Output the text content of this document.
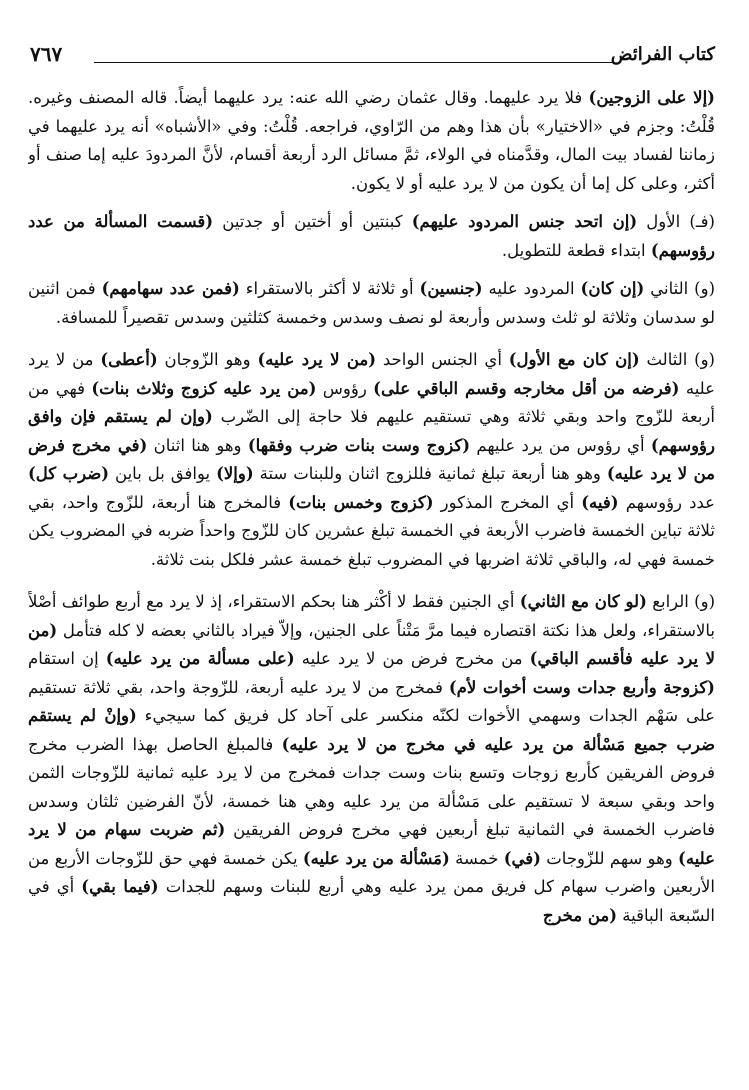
كتاب الفرائض
٧٦٧

(إلا على الزوجين) فلا يرد عليهما. وقال عثمان رضي الله عنه: يرد عليهما أيضاً. قاله المصنف وغيره. قُلْتُ: وجزم في «الاختيار» بأن هذا وهم من الرّاوي، فراجعه. قُلْتُ: وفي «الأشباه» أنه يرد عليهما في زماننا لفساد بيت المال، وقدَّمناه في الولاء، ثمَّ مسائل الرد أربعة أقسام، لأنَّ المردودَ عليه إما صنف أو أكثر، وعلى كل إما أن يكون من لا يرد عليه أو لا يكون.

(فـ) الأول (إن اتحد جنس المردود عليهم) كبنتين أو أختين أو جدتين (قسمت المسألة من عدد رؤوسهم) ابتداء قطعة للتطويل.

(و) الثاني (إن كان) المردود عليه (جنسين) أو ثلاثة لا أكثر بالاستقراء (فمن عدد سهامهم) فمن اثنين لو سدسان وثلاثة لو ثلث وسدس وأربعة لو نصف وسدس وخمسة كثلثين وسدس تقصيراً للمسافة.

(و) الثالث (إن كان مع الأول) أي الجنس الواحد (من لا يرد عليه) وهو الزّوجان (أعطى) من لا يرد عليه (فرضه من أقل مخارجه وقسم الباقي على) رؤوس (من يرد عليه كزوج وثلاث بنات) فهي من أربعة للزّوج واحد وبقي ثلاثة وهي تستقيم عليهم فلا حاجة إلى الضّرب (وإن لم يستقم فإن وافق رؤوسهم) أي رؤوس من يرد عليهم (كزوج وست بنات ضرب وفقها) وهو هنا اثنان (في مخرج فرض من لا يرد عليه) وهو هنا أربعة تبلغ ثمانية فللزوج اثنان وللبنات ستة (وإلا) يوافق بل باين (ضرب كل) عدد رؤوسهم (فيه) أي المخرج المذكور (كزوج وخمس بنات) فالمخرج هنا أربعة، للزّوج واحد، بقي ثلاثة تباين الخمسة فاضرب الأربعة في الخمسة تبلغ عشرين كان للزّوج واحداً ضربه في المضروب يكن خمسة فهي له، والباقي ثلاثة اضربها في المضروب تبلغ خمسة عشر فلكل بنت ثلاثة.

(و) الرابع (لو كان مع الثاني) أي الجنين فقط لا أكْثر هنا بحكم الاستقراء، إذ لا يرد مع أربع طوائف أصْلاً بالاستقراء، ولعل هذا نكتة اقتصاره فيما مرَّ مَتْناً على الجنين، وإلاّ فيراد بالثاني بعضه لا كله فتأمل (من لا يرد عليه فأقسم الباقي) من مخرج فرض من لا يرد عليه (على مسألة من يرد عليه) إن استقام (كزوجة وأربع جدات وست أخوات لأم) فمخرج من لا يرد عليه أربعة، للزّوجة واحد، بقي ثلاثة تستقيم على سَهْم الجدات وسهمي الأخوات لكنّه منكسر على آحاد كل فريق كما سيجيء (وإنْ لم يستقم ضرب جميع مَسْألة من يرد عليه في مخرج من لا يرد عليه) فالمبلغ الحاصل بهذا الضرب مخرج فروض الفريقين كأربع زوجات وتسع بنات وست جدات فمخرج من لا يرد عليه ثمانية للزّوجات الثمن واحد وبقي سبعة لا تستقيم على مَسْألة من يرد عليه وهي هنا خمسة، لأنّ الفرضين ثلثان وسدس فاضرب الخمسة في الثمانية تبلغ أربعين فهي مخرج فروض الفريقين (ثم ضربت سهام من لا يرد عليه) وهو سهم للزّوجات (في) خمسة (مَسْألة من يرد عليه) يكن خمسة فهي حق للزّوجات الأربع من الأربعين واضرب سهام كل فريق ممن يرد عليه وهي أربع للبنات وسهم للجدات (فيما بقي) أي في السّبعة الباقية (من مخرج
